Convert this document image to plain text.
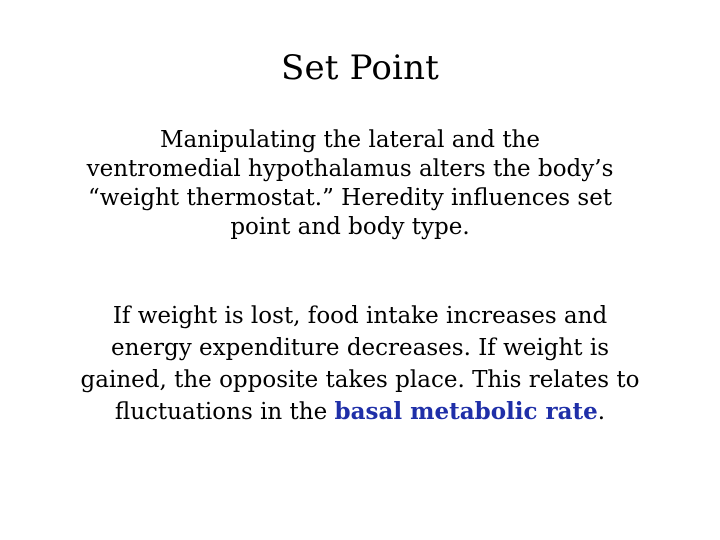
Set Point
Manipulating the lateral and the
ventromedial hypothalamus alters the body’s
“weight thermostat.” Heredity influences set
point and body type.
If weight is lost, food intake increases and
energy expenditure decreases. If weight is
gained, the opposite takes place. This relates to
fluctuations in the basal metabolic rate.
